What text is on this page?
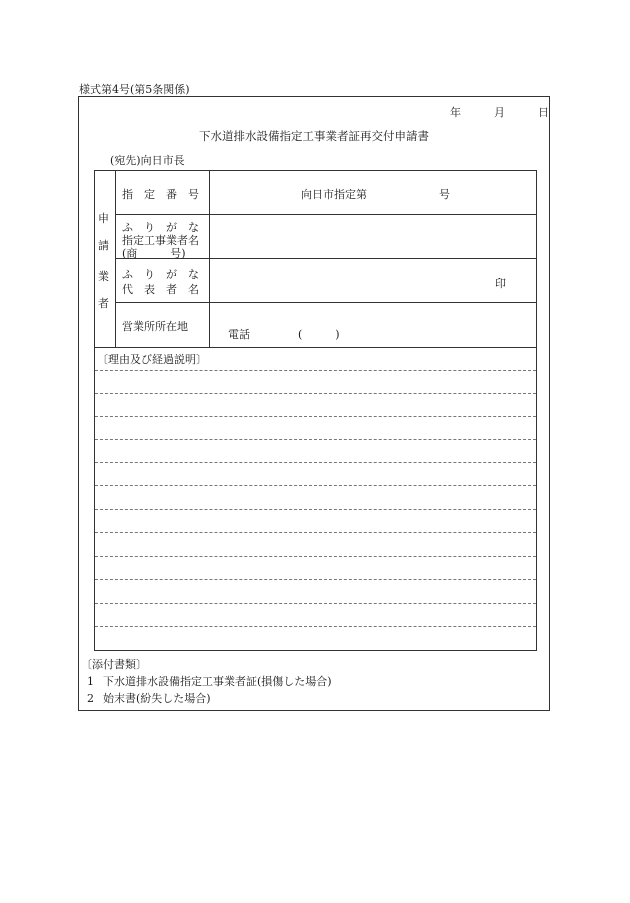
様式第4号(第5条関係)
年	月	日
下水道排水設備指定工事業者証再交付申請書
(宛先)向日市長
申
請
業
者
指　定　番　号	向日市指定第	号
ふ　り　が　な
指定工事業者名
(商　　　号)
ふ　り　が　な
代　表　者　名	印
営業所所在地
電話	(　　　)
〔理由及び経過説明〕
〔添付書類〕
1 下水道排水設備指定工事業者証(損傷した場合)
2 始末書(紛失した場合)
